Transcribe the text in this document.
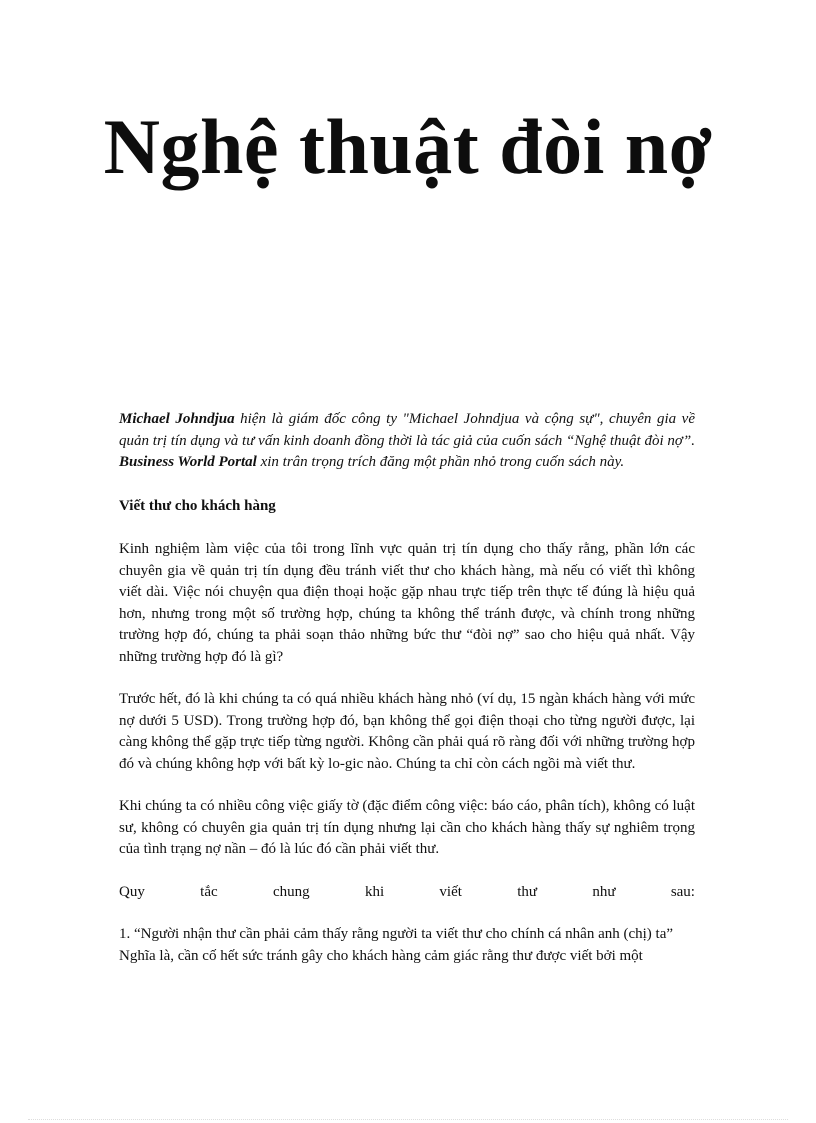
Nghệ thuật đòi nợ

Michael Johndjua hiện là giám đốc công ty "Michael Johndjua và cộng sự", chuyên gia về quản trị tín dụng và tư vấn kinh doanh đồng thời là tác giả của cuốn sách “Nghệ thuật đòi nợ”. Business World Portal xin trân trọng trích đăng một phần nhỏ trong cuốn sách này.

Viết thư cho khách hàng

Kinh nghiệm làm việc của tôi trong lĩnh vực quản trị tín dụng cho thấy rằng, phần lớn các chuyên gia về quản trị tín dụng đều tránh viết thư cho khách hàng, mà nếu có viết thì không viết dài. Việc nói chuyện qua điện thoại hoặc gặp nhau trực tiếp trên thực tế đúng là hiệu quả hơn, nhưng trong một số trường hợp, chúng ta không thể tránh được, và chính trong những trường hợp đó, chúng ta phải soạn thảo những bức thư “đòi nợ” sao cho hiệu quả nhất. Vậy những trường hợp đó là gì?

Trước hết, đó là khi chúng ta có quá nhiều khách hàng nhỏ (ví dụ, 15 ngàn khách hàng với mức nợ dưới 5 USD). Trong trường hợp đó, bạn không thể gọi điện thoại cho từng người được, lại càng không thể gặp trực tiếp từng người. Không cần phải quá rõ ràng đối với những trường hợp đó và chúng không hợp với bất kỳ lo-gic nào. Chúng ta chỉ còn cách ngồi mà viết thư.

Khi chúng ta có nhiều công việc giấy tờ (đặc điểm công việc: báo cáo, phân tích), không có luật sư, không có chuyên gia quản trị tín dụng nhưng lại cần cho khách hàng thấy sự nghiêm trọng của tình trạng nợ nần – đó là lúc đó cần phải viết thư.

Quy	tắc	chung	khi	viết	thư	như	sau:

1. “Người nhận thư cần phải cảm thấy rằng người ta viết thư cho chính cá nhân anh (chị) ta”

Nghĩa là, cần cố hết sức tránh gây cho khách hàng cảm giác rằng thư được viết bởi một
